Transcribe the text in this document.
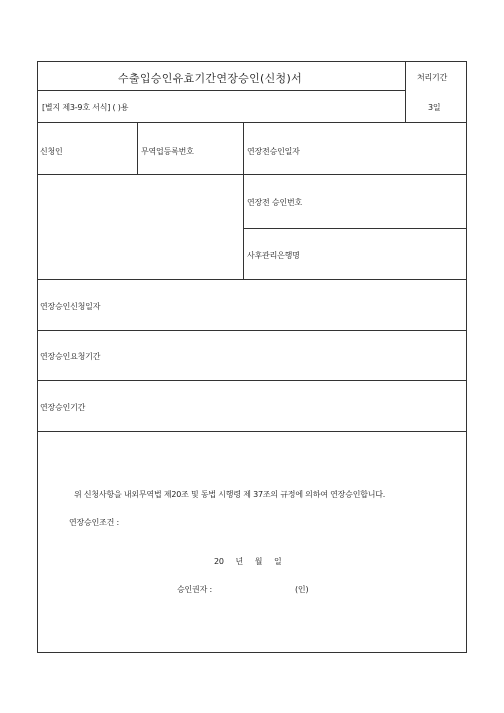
수출입승인유효기간연장승인(신청)서	처리기간
[별지 제3-9호 서식] ( )용	3일
신청인	무역업등록번호	연장전승인일자
연장전 승인번호
사후관리은행명
연장승인신청일자
연장승인요청기간
연장승인기간
위 신청사항을 내외무역법 제20조 및 동법 시행령 제 37조의 규정에 의하여 연장승인합니다.
연장승인조건 :
20     년     월     일
승인권자 :	(인)
